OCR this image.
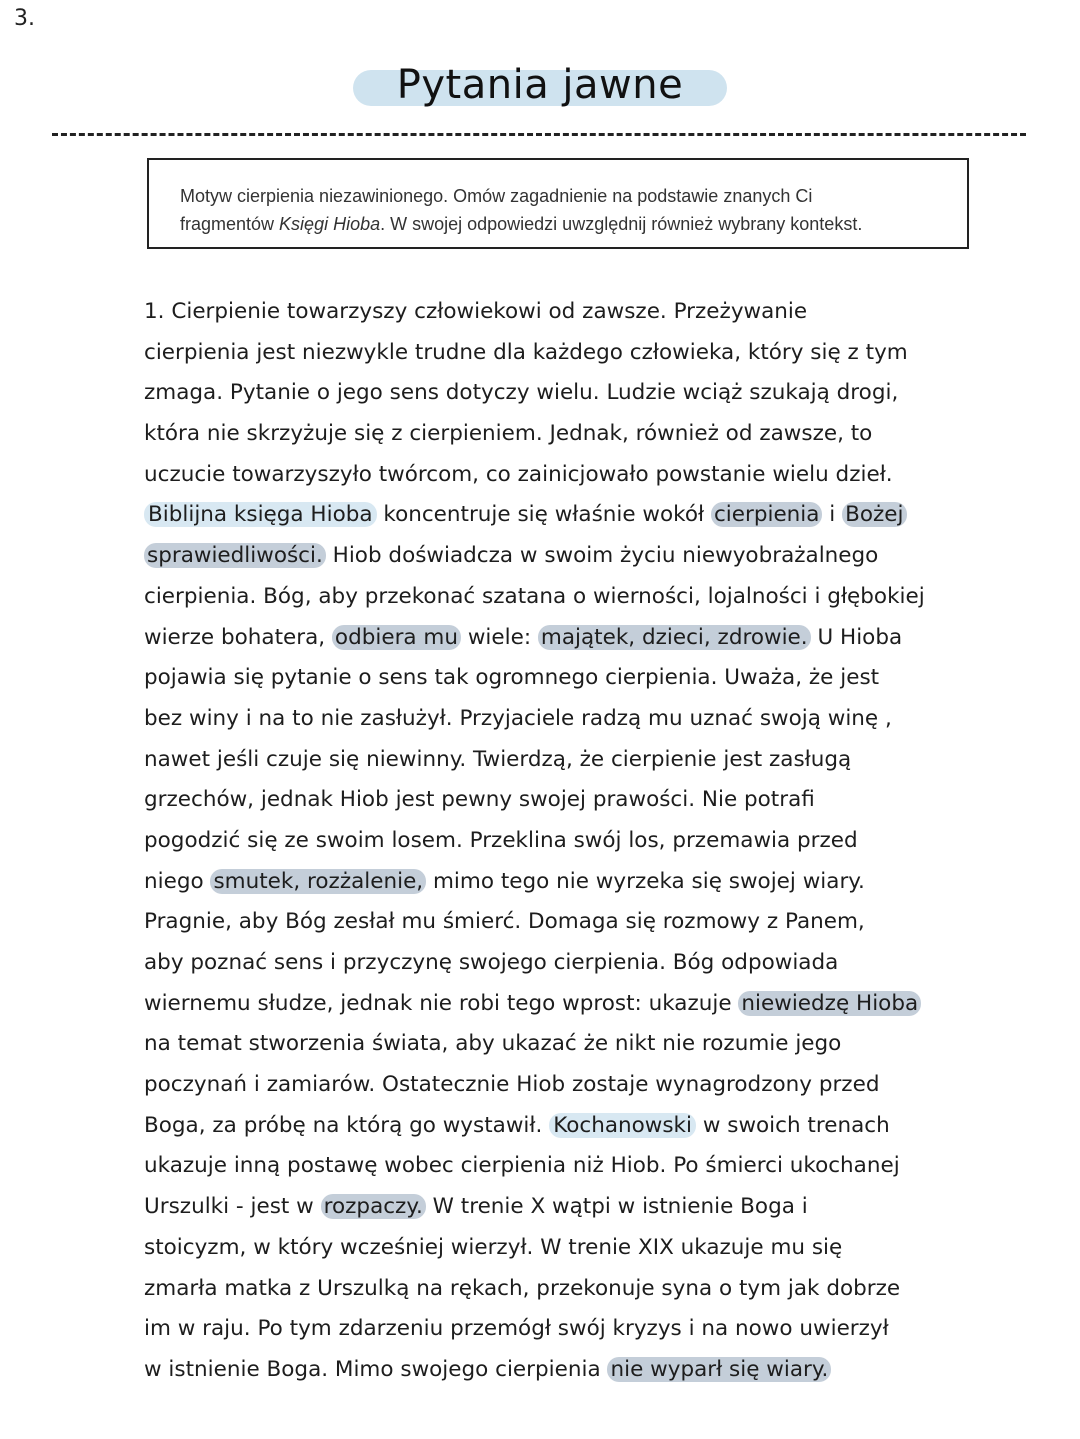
3.
Pytania jawne
Motyw cierpienia niezawinionego. Omów zagadnienie na podstawie znanych Ci
fragmentów Księgi Hioba. W swojej odpowiedzi uwzględnij również wybrany kontekst.
1. Cierpienie towarzyszy człowiekowi od zawsze. Przeżywanie
cierpienia jest niezwykle trudne dla każdego człowieka, który się z tym
zmaga. Pytanie o jego sens dotyczy wielu. Ludzie wciąż szukają drogi,
która nie skrzyżuje się z cierpieniem. Jednak, również od zawsze, to
uczucie towarzyszyło twórcom, co zainicjowało powstanie wielu dzieł.
Biblijna księga Hioba koncentruje się właśnie wokół cierpienia i Bożej
sprawiedliwości. Hiob doświadcza w swoim życiu niewyobrażalnego
cierpienia. Bóg, aby przekonać szatana o wierności, lojalności i głębokiej
wierze bohatera, odbiera mu wiele: majątek, dzieci, zdrowie. U Hioba
pojawia się pytanie o sens tak ogromnego cierpienia. Uważa, że jest
bez winy i na to nie zasłużył. Przyjaciele radzą mu uznać swoją winę ,
nawet jeśli czuje się niewinny. Twierdzą, że cierpienie jest zasługą
grzechów, jednak Hiob jest pewny swojej prawości. Nie potrafi
pogodzić się ze swoim losem. Przeklina swój los, przemawia przed
niego smutek, rozżalenie, mimo tego nie wyrzeka się swojej wiary.
Pragnie, aby Bóg zesłał mu śmierć. Domaga się rozmowy z Panem,
aby poznać sens i przyczynę swojego cierpienia. Bóg odpowiada
wiernemu słudze, jednak nie robi tego wprost: ukazuje niewiedzę Hioba
na temat stworzenia świata, aby ukazać że nikt nie rozumie jego
poczynań i zamiarów. Ostatecznie Hiob zostaje wynagrodzony przed
Boga, za próbę na którą go wystawił. Kochanowski w swoich trenach
ukazuje inną postawę wobec cierpienia niż Hiob. Po śmierci ukochanej
Urszulki - jest w rozpaczy. W trenie X wątpi w istnienie Boga i
stoicyzm, w który wcześniej wierzył. W trenie XIX ukazuje mu się
zmarła matka z Urszulką na rękach, przekonuje syna o tym jak dobrze
im w raju. Po tym zdarzeniu przemógł swój kryzys i na nowo uwierzył
w istnienie Boga. Mimo swojego cierpienia nie wyparł się wiary.
